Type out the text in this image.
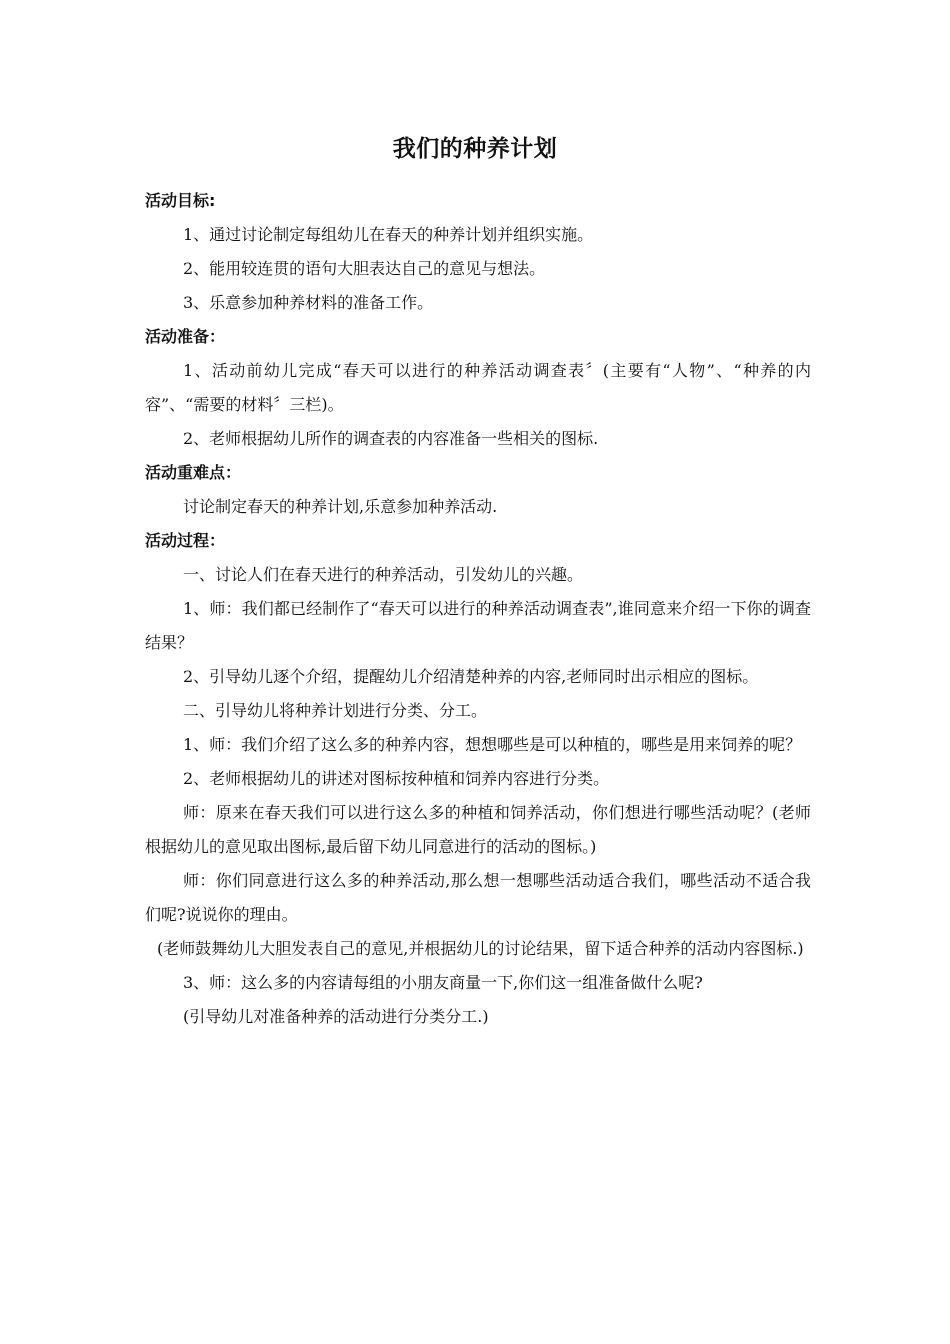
我们的种养计划

活动目标:

1、通过讨论制定每组幼儿在春天的种养计划并组织实施。

2、能用较连贯的语句大胆表达自己的意见与想法。

3、乐意参加种养材料的准备工作。

活动准备：

1、活动前幼儿完成“春天可以进行的种养活动调查表〞(主要有“人物”、“种养的内容”、“需要的材料〞三栏)。

2、老师根据幼儿所作的调查表的内容准备一些相关的图标.

活动重难点：

讨论制定春天的种养计划,乐意参加种养活动.

活动过程：

一、讨论人们在春天进行的种养活动，引发幼儿的兴趣。

1、师：我们都已经制作了“春天可以进行的种养活动调查表”,谁同意来介绍一下你的调查结果？

2、引导幼儿逐个介绍，提醒幼儿介绍清楚种养的内容,老师同时出示相应的图标。

二、引导幼儿将种养计划进行分类、分工。

1、师：我们介绍了这么多的种养内容，想想哪些是可以种植的，哪些是用来饲养的呢？

2、老师根据幼儿的讲述对图标按种植和饲养内容进行分类。

师：原来在春天我们可以进行这么多的种植和饲养活动，你们想进行哪些活动呢？(老师根据幼儿的意见取出图标,最后留下幼儿同意进行的活动的图标。)

师：你们同意进行这么多的种养活动,那么想一想哪些活动适合我们，哪些活动不适合我们呢?说说你的理由。

(老师鼓舞幼儿大胆发表自己的意见,并根据幼儿的讨论结果，留下适合种养的活动内容图标.)

3、师：这么多的内容请每组的小朋友商量一下,你们这一组准备做什么呢?

(引导幼儿对准备种养的活动进行分类分工.)
